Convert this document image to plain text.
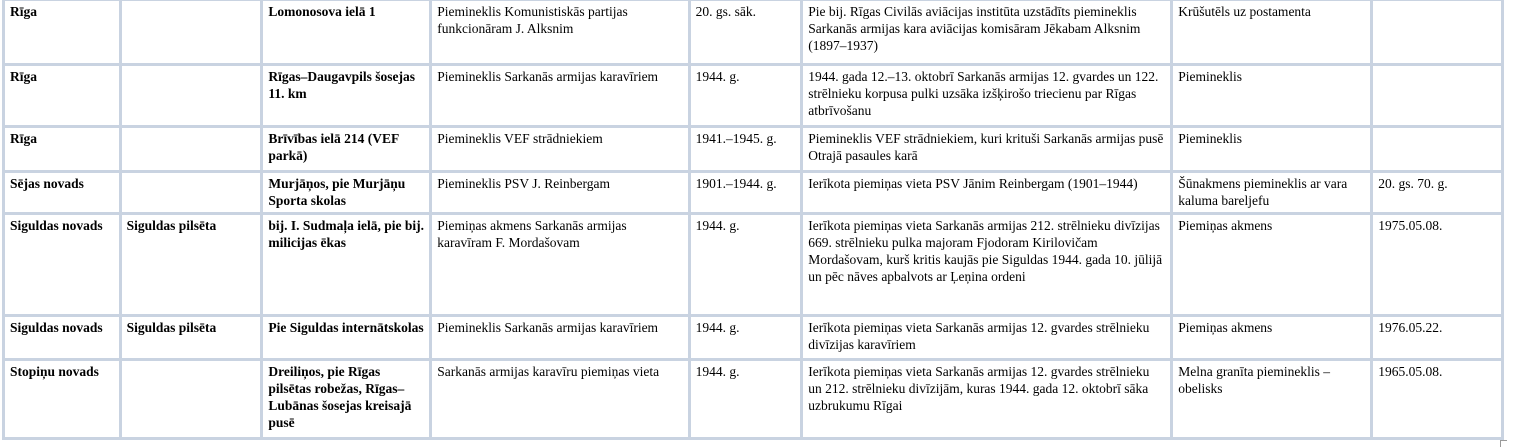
Rīga		Lomonosova ielā 1	Piemineklis Komunistiskās partijas funkcionāram J. Alksnim	20. gs. sāk.	Pie bij. Rīgas Civilās aviācijas institūta uzstādīts piemineklis Sarkanās armijas kara aviācijas komisāram Jēkabam Alksnim (1897–1937)	Krūšutēls uz postamenta	
Rīga		Rīgas–Daugavpils šosejas 11. km	Piemineklis Sarkanās armijas karavīriem	1944. g.	1944. gada 12.–13. oktobrī Sarkanās armijas 12. gvardes un 122. strēlnieku korpusa pulki uzsāka izšķirošo triecienu par Rīgas atbrīvošanu	Piemineklis	
Rīga		Brīvības ielā 214 (VEF parkā)	Piemineklis VEF strādniekiem	1941.–1945. g.	Piemineklis VEF strādniekiem, kuri krituši Sarkanās armijas pusē Otrajā pasaules karā	Piemineklis	
Sējas novads		Murjāņos, pie Murjāņu Sporta skolas	Piemineklis PSV J. Reinbergam	1901.–1944. g.	Ierīkota piemiņas vieta PSV Jānim Reinbergam (1901–1944)	Šūnakmens piemineklis ar vara kaluma bareljefu	20. gs. 70. g.
Siguldas novads	Siguldas pilsēta	bij. I. Sudmaļa ielā, pie bij. milicijas ēkas	Piemiņas akmens Sarkanās armijas karavīram F. Mordašovam	1944. g.	Ierīkota piemiņas vieta Sarkanās armijas 212. strēlnieku divīzijas 669. strēlnieku pulka majoram Fjodoram Kirilovičam Mordašovam, kurš kritis kaujās pie Siguldas 1944. gada 10. jūlijā un pēc nāves apbalvots ar Ļeņina ordeni	Piemiņas akmens	1975.05.08.
Siguldas novads	Siguldas pilsēta	Pie Siguldas internātskolas	Piemineklis Sarkanās armijas karavīriem	1944. g.	Ierīkota piemiņas vieta Sarkanās armijas 12. gvardes strēlnieku divīzijas karavīriem	Piemiņas akmens	1976.05.22.
Stopiņu novads		Dreiliņos, pie Rīgas pilsētas robežas, Rīgas–Lubānas šosejas kreisajā pusē	Sarkanās armijas karavīru piemiņas vieta	1944. g.	Ierīkota piemiņas vieta Sarkanās armijas 12. gvardes strēlnieku un 212. strēlnieku divīzijām, kuras 1944. gada 12. oktobrī sāka uzbrukumu Rīgai	Melna granīta piemineklis – obelisks	1965.05.08.
